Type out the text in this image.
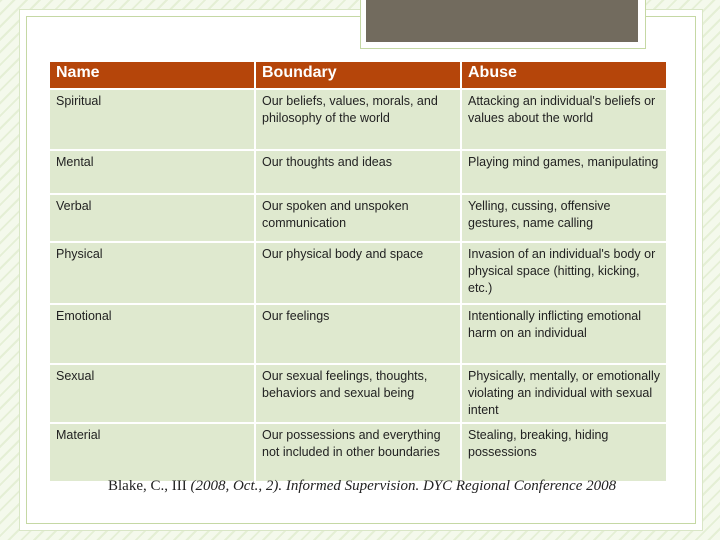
Name	Boundary	Abuse
Spiritual	Our beliefs, values, morals, and philosophy of the world	Attacking an individual's beliefs or values about the world
Mental	Our thoughts and ideas	Playing mind games, manipulating
Verbal	Our spoken and unspoken communication	Yelling, cussing, offensive gestures, name calling
Physical	Our physical body and space	Invasion of an individual's body or physical space (hitting, kicking, etc.)
Emotional	Our feelings	Intentionally inflicting emotional harm on an individual
Sexual	Our sexual feelings, thoughts, behaviors and sexual being	Physically, mentally, or emotionally violating an individual with sexual intent
Material	Our possessions and everything not included in other boundaries	Stealing, breaking, hiding possessions
Blake, C., III (2008, Oct., 2). Informed Supervision. DYC Regional Conference 2008
